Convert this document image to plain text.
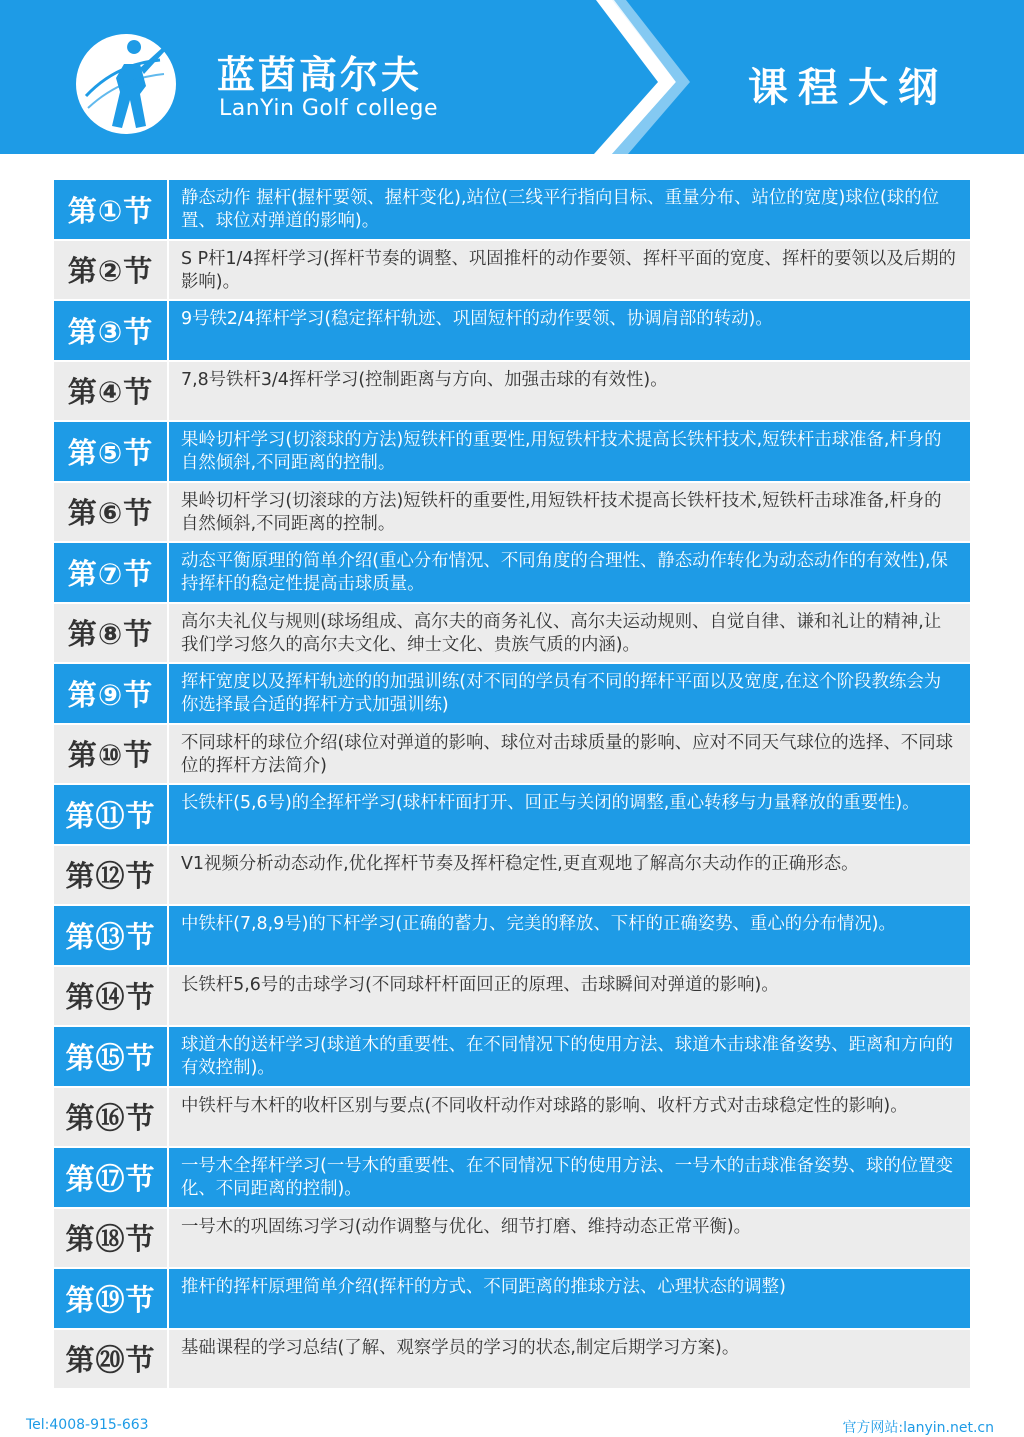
蓝茵高尔夫
LanYin Golf college	课程大纲
第①节	静态动作 握杆(握杆要领、握杆变化),站位(三线平行指向目标、重量分布、站位的宽度)球位(球的位置、球位对弹道的影响)。
第②节	S P杆1/4挥杆学习(挥杆节奏的调整、巩固推杆的动作要领、挥杆平面的宽度、挥杆的要领以及后期的影响)。
第③节	9号铁2/4挥杆学习(稳定挥杆轨迹、巩固短杆的动作要领、协调肩部的转动)。
第④节	7,8号铁杆3/4挥杆学习(控制距离与方向、加强击球的有效性)。
第⑤节	果岭切杆学习(切滚球的方法)短铁杆的重要性,用短铁杆技术提高长铁杆技术,短铁杆击球准备,杆身的自然倾斜,不同距离的控制。
第⑥节	果岭切杆学习(切滚球的方法)短铁杆的重要性,用短铁杆技术提高长铁杆技术,短铁杆击球准备,杆身的自然倾斜,不同距离的控制。
第⑦节	动态平衡原理的简单介绍(重心分布情况、不同角度的合理性、静态动作转化为动态动作的有效性),保持挥杆的稳定性提高击球质量。
第⑧节	高尔夫礼仪与规则(球场组成、高尔夫的商务礼仪、高尔夫运动规则、自觉自律、谦和礼让的精神,让我们学习悠久的高尔夫文化、绅士文化、贵族气质的内涵)。
第⑨节	挥杆宽度以及挥杆轨迹的的加强训练(对不同的学员有不同的挥杆平面以及宽度,在这个阶段教练会为你选择最合适的挥杆方式加强训练)
第⑩节	不同球杆的球位介绍(球位对弹道的影响、球位对击球质量的影响、应对不同天气球位的选择、不同球位的挥杆方法简介)
第⑪节	长铁杆(5,6号)的全挥杆学习(球杆杆面打开、回正与关闭的调整,重心转移与力量释放的重要性)。
第⑫节	V1视频分析动态动作,优化挥杆节奏及挥杆稳定性,更直观地了解高尔夫动作的正确形态。
第⑬节	中铁杆(7,8,9号)的下杆学习(正确的蓄力、完美的释放、下杆的正确姿势、重心的分布情况)。
第⑭节	长铁杆5,6号的击球学习(不同球杆杆面回正的原理、击球瞬间对弹道的影响)。
第⑮节	球道木的送杆学习(球道木的重要性、在不同情况下的使用方法、球道木击球准备姿势、距离和方向的有效控制)。
第⑯节	中铁杆与木杆的收杆区别与要点(不同收杆动作对球路的影响、收杆方式对击球稳定性的影响)。
第⑰节	一号木全挥杆学习(一号木的重要性、在不同情况下的使用方法、一号木的击球准备姿势、球的位置变化、不同距离的控制)。
第⑱节	一号木的巩固练习学习(动作调整与优化、细节打磨、维持动态正常平衡)。
第⑲节	推杆的挥杆原理简单介绍(挥杆的方式、不同距离的推球方法、心理状态的调整)
第⑳节	基础课程的学习总结(了解、观察学员的学习的状态,制定后期学习方案)。
Tel:4008-915-663	官方网站:lanyin.net.cn
